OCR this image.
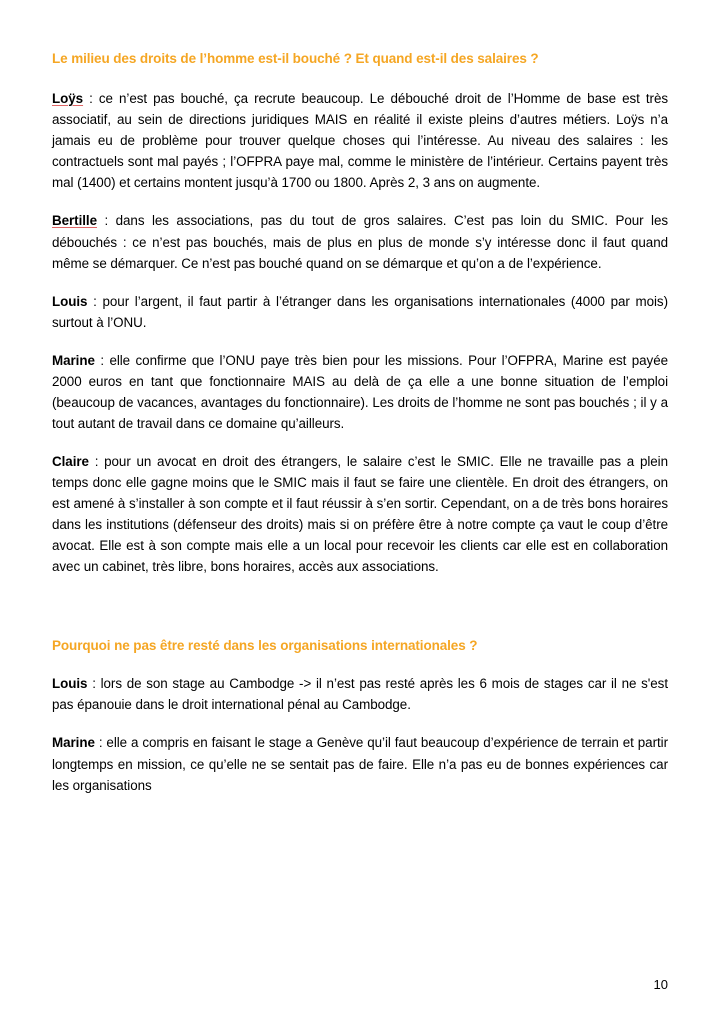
Le milieu des droits de l’homme est-il bouché ? Et quand est-il des salaires ?

Loÿs : ce n’est pas bouché, ça recrute beaucoup. Le débouché droit de l’Homme de base est très associatif, au sein de directions juridiques MAIS en réalité il existe pleins d’autres métiers. Loÿs n’a jamais eu de problème pour trouver quelque choses qui l’intéresse. Au niveau des salaires : les contractuels sont mal payés ; l’OFPRA paye mal, comme le ministère de l’intérieur. Certains payent très mal (1400) et certains montent jusqu’à 1700 ou 1800. Après 2, 3 ans on augmente.

Bertille : dans les associations, pas du tout de gros salaires. C’est pas loin du SMIC. Pour les débouchés : ce n’est pas bouchés, mais de plus en plus de monde s’y intéresse donc il faut quand même se démarquer. Ce n’est pas bouché quand on se démarque et qu’on a de l’expérience.

Louis : pour l’argent, il faut partir à l’étranger dans les organisations internationales (4000 par mois) surtout à l’ONU.

Marine : elle confirme que l’ONU paye très bien pour les missions. Pour l’OFPRA, Marine est payée 2000 euros en tant que fonctionnaire MAIS au delà de ça elle a une bonne situation de l’emploi (beaucoup de vacances, avantages du fonctionnaire). Les droits de l’homme ne sont pas bouchés ; il y a tout autant de travail dans ce domaine qu’ailleurs.

Claire : pour un avocat en droit des étrangers, le salaire c’est le SMIC. Elle ne travaille pas a plein temps donc elle gagne moins que le SMIC mais il faut se faire une clientèle. En droit des étrangers, on est amené à s’installer à son compte et il faut réussir à s’en sortir. Cependant, on a de très bons horaires dans les institutions (défenseur des droits) mais si on préfère être à notre compte ça vaut le coup d’être avocat. Elle est à son compte mais elle a un local pour recevoir les clients car elle est en collaboration avec un cabinet, très libre, bons horaires, accès aux associations.

Pourquoi ne pas être resté dans les organisations internationales ?

Louis : lors de son stage au Cambodge -> il n’est pas resté après les 6 mois de stages car il ne s'est pas épanouie dans le droit international pénal au Cambodge.

Marine : elle a compris en faisant le stage a Genève qu’il faut beaucoup d’expérience de terrain et partir longtemps en mission, ce qu’elle ne se sentait pas de faire. Elle n’a pas eu de bonnes expériences car les organisations

10
